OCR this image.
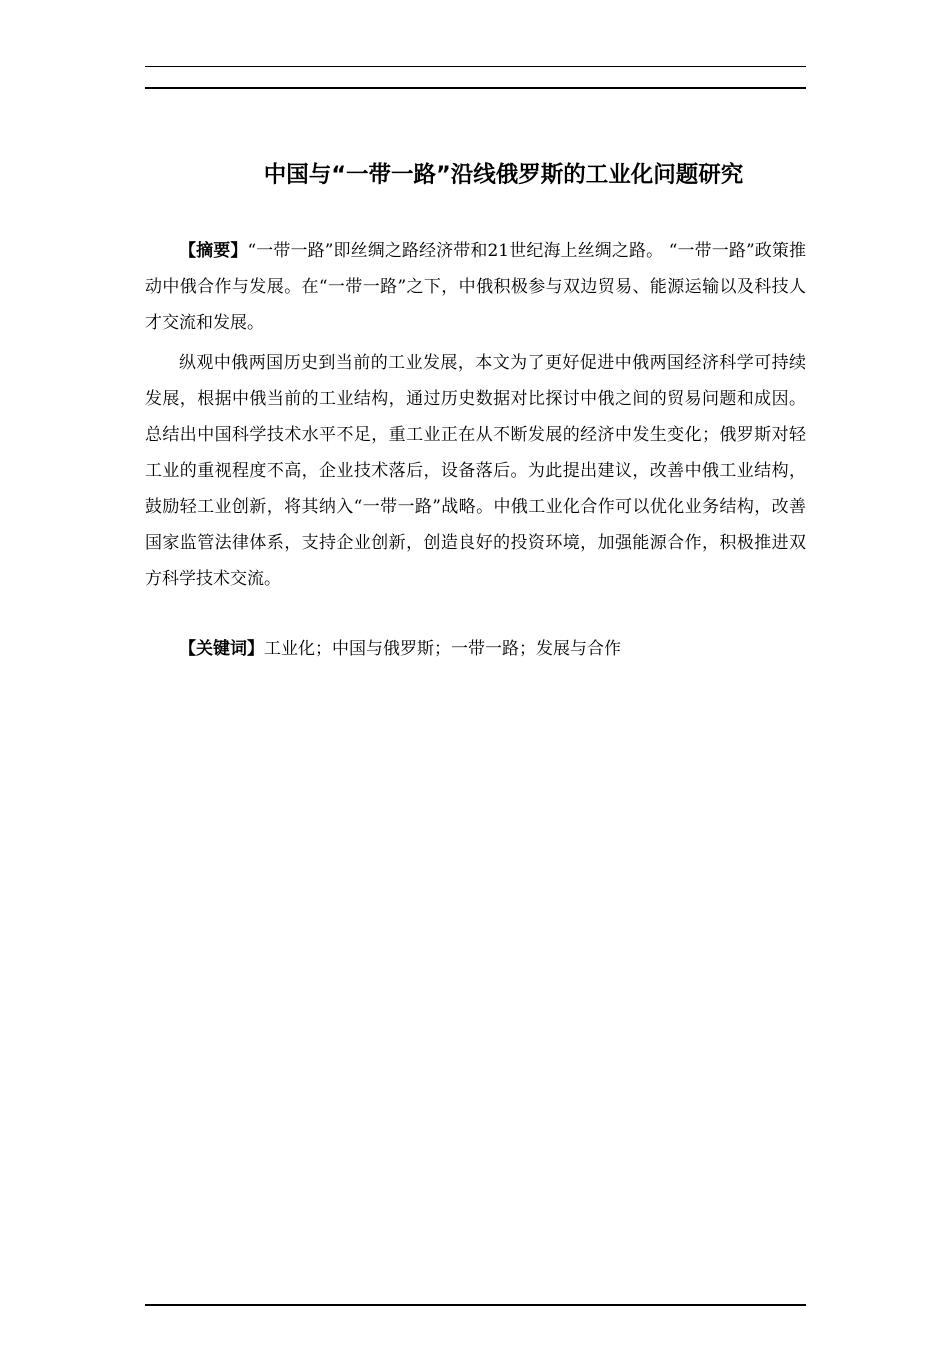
中国与“一带一路”沿线俄罗斯的工业化问题研究

【摘要】“一带一路”即丝绸之路经济带和21世纪海上丝绸之路。 “一带一路”政策推动中俄合作与发展。在“一带一路”之下，中俄积极参与双边贸易、能源运输以及科技人才交流和发展。

纵观中俄两国历史到当前的工业发展，本文为了更好促进中俄两国经济科学可持续发展，根据中俄当前的工业结构，通过历史数据对比探讨中俄之间的贸易问题和成因。总结出中国科学技术水平不足，重工业正在从不断发展的经济中发生变化；俄罗斯对轻工业的重视程度不高，企业技术落后，设备落后。为此提出建议，改善中俄工业结构，鼓励轻工业创新，将其纳入“一带一路”战略。中俄工业化合作可以优化业务结构，改善国家监管法律体系，支持企业创新，创造良好的投资环境，加强能源合作，积极推进双方科学技术交流。

【关键词】工业化；中国与俄罗斯；一带一路；发展与合作
